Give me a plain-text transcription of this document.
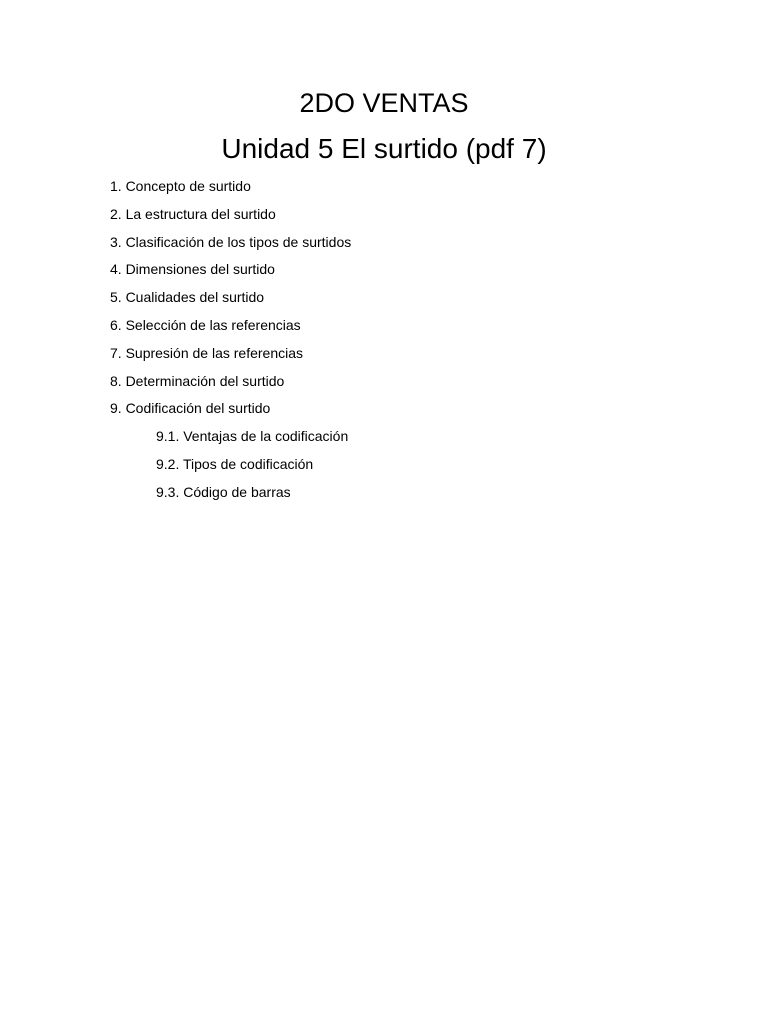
2DO VENTAS
Unidad 5 El surtido (pdf 7)
1. Concepto de surtido
2. La estructura del surtido
3. Clasificación de los tipos de surtidos
4. Dimensiones del surtido
5. Cualidades del surtido
6. Selección de las referencias
7. Supresión de las referencias
8. Determinación del surtido
9. Codificación del surtido
9.1. Ventajas de la codificación
9.2. Tipos de codificación
9.3. Código de barras
